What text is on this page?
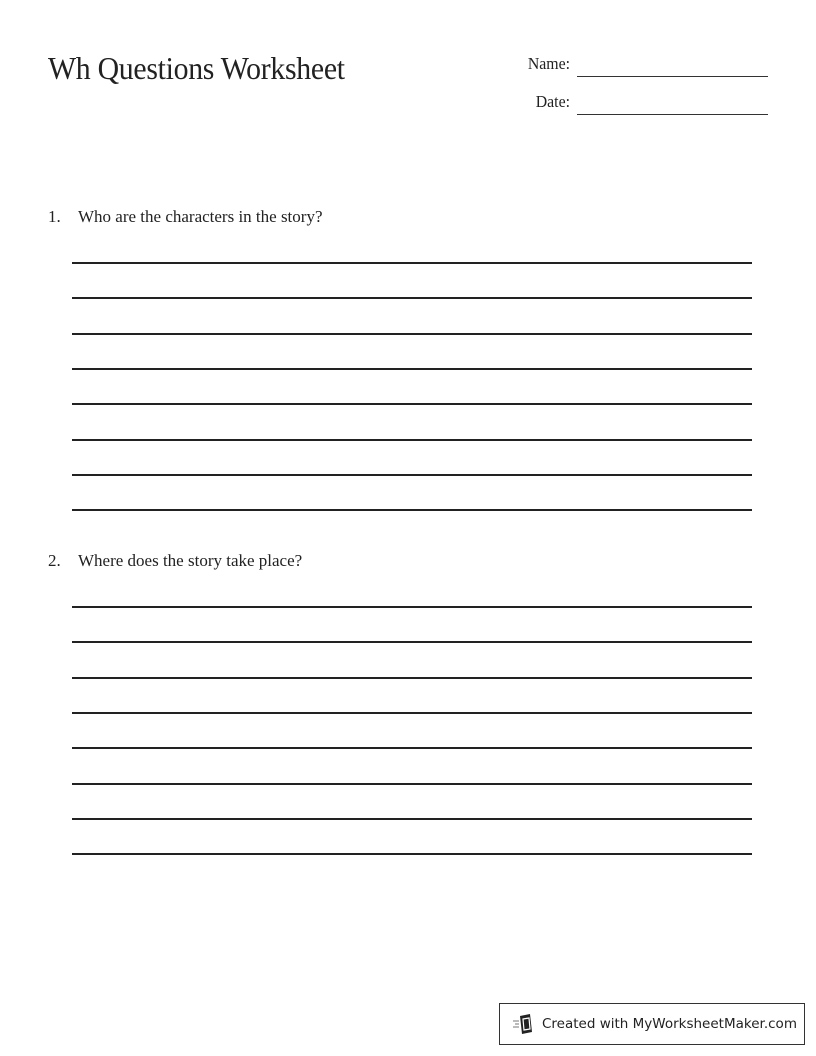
Wh Questions Worksheet	Name:
Date:
1. Who are the characters in the story?
2. Where does the story take place?
Created with MyWorksheetMaker.com
